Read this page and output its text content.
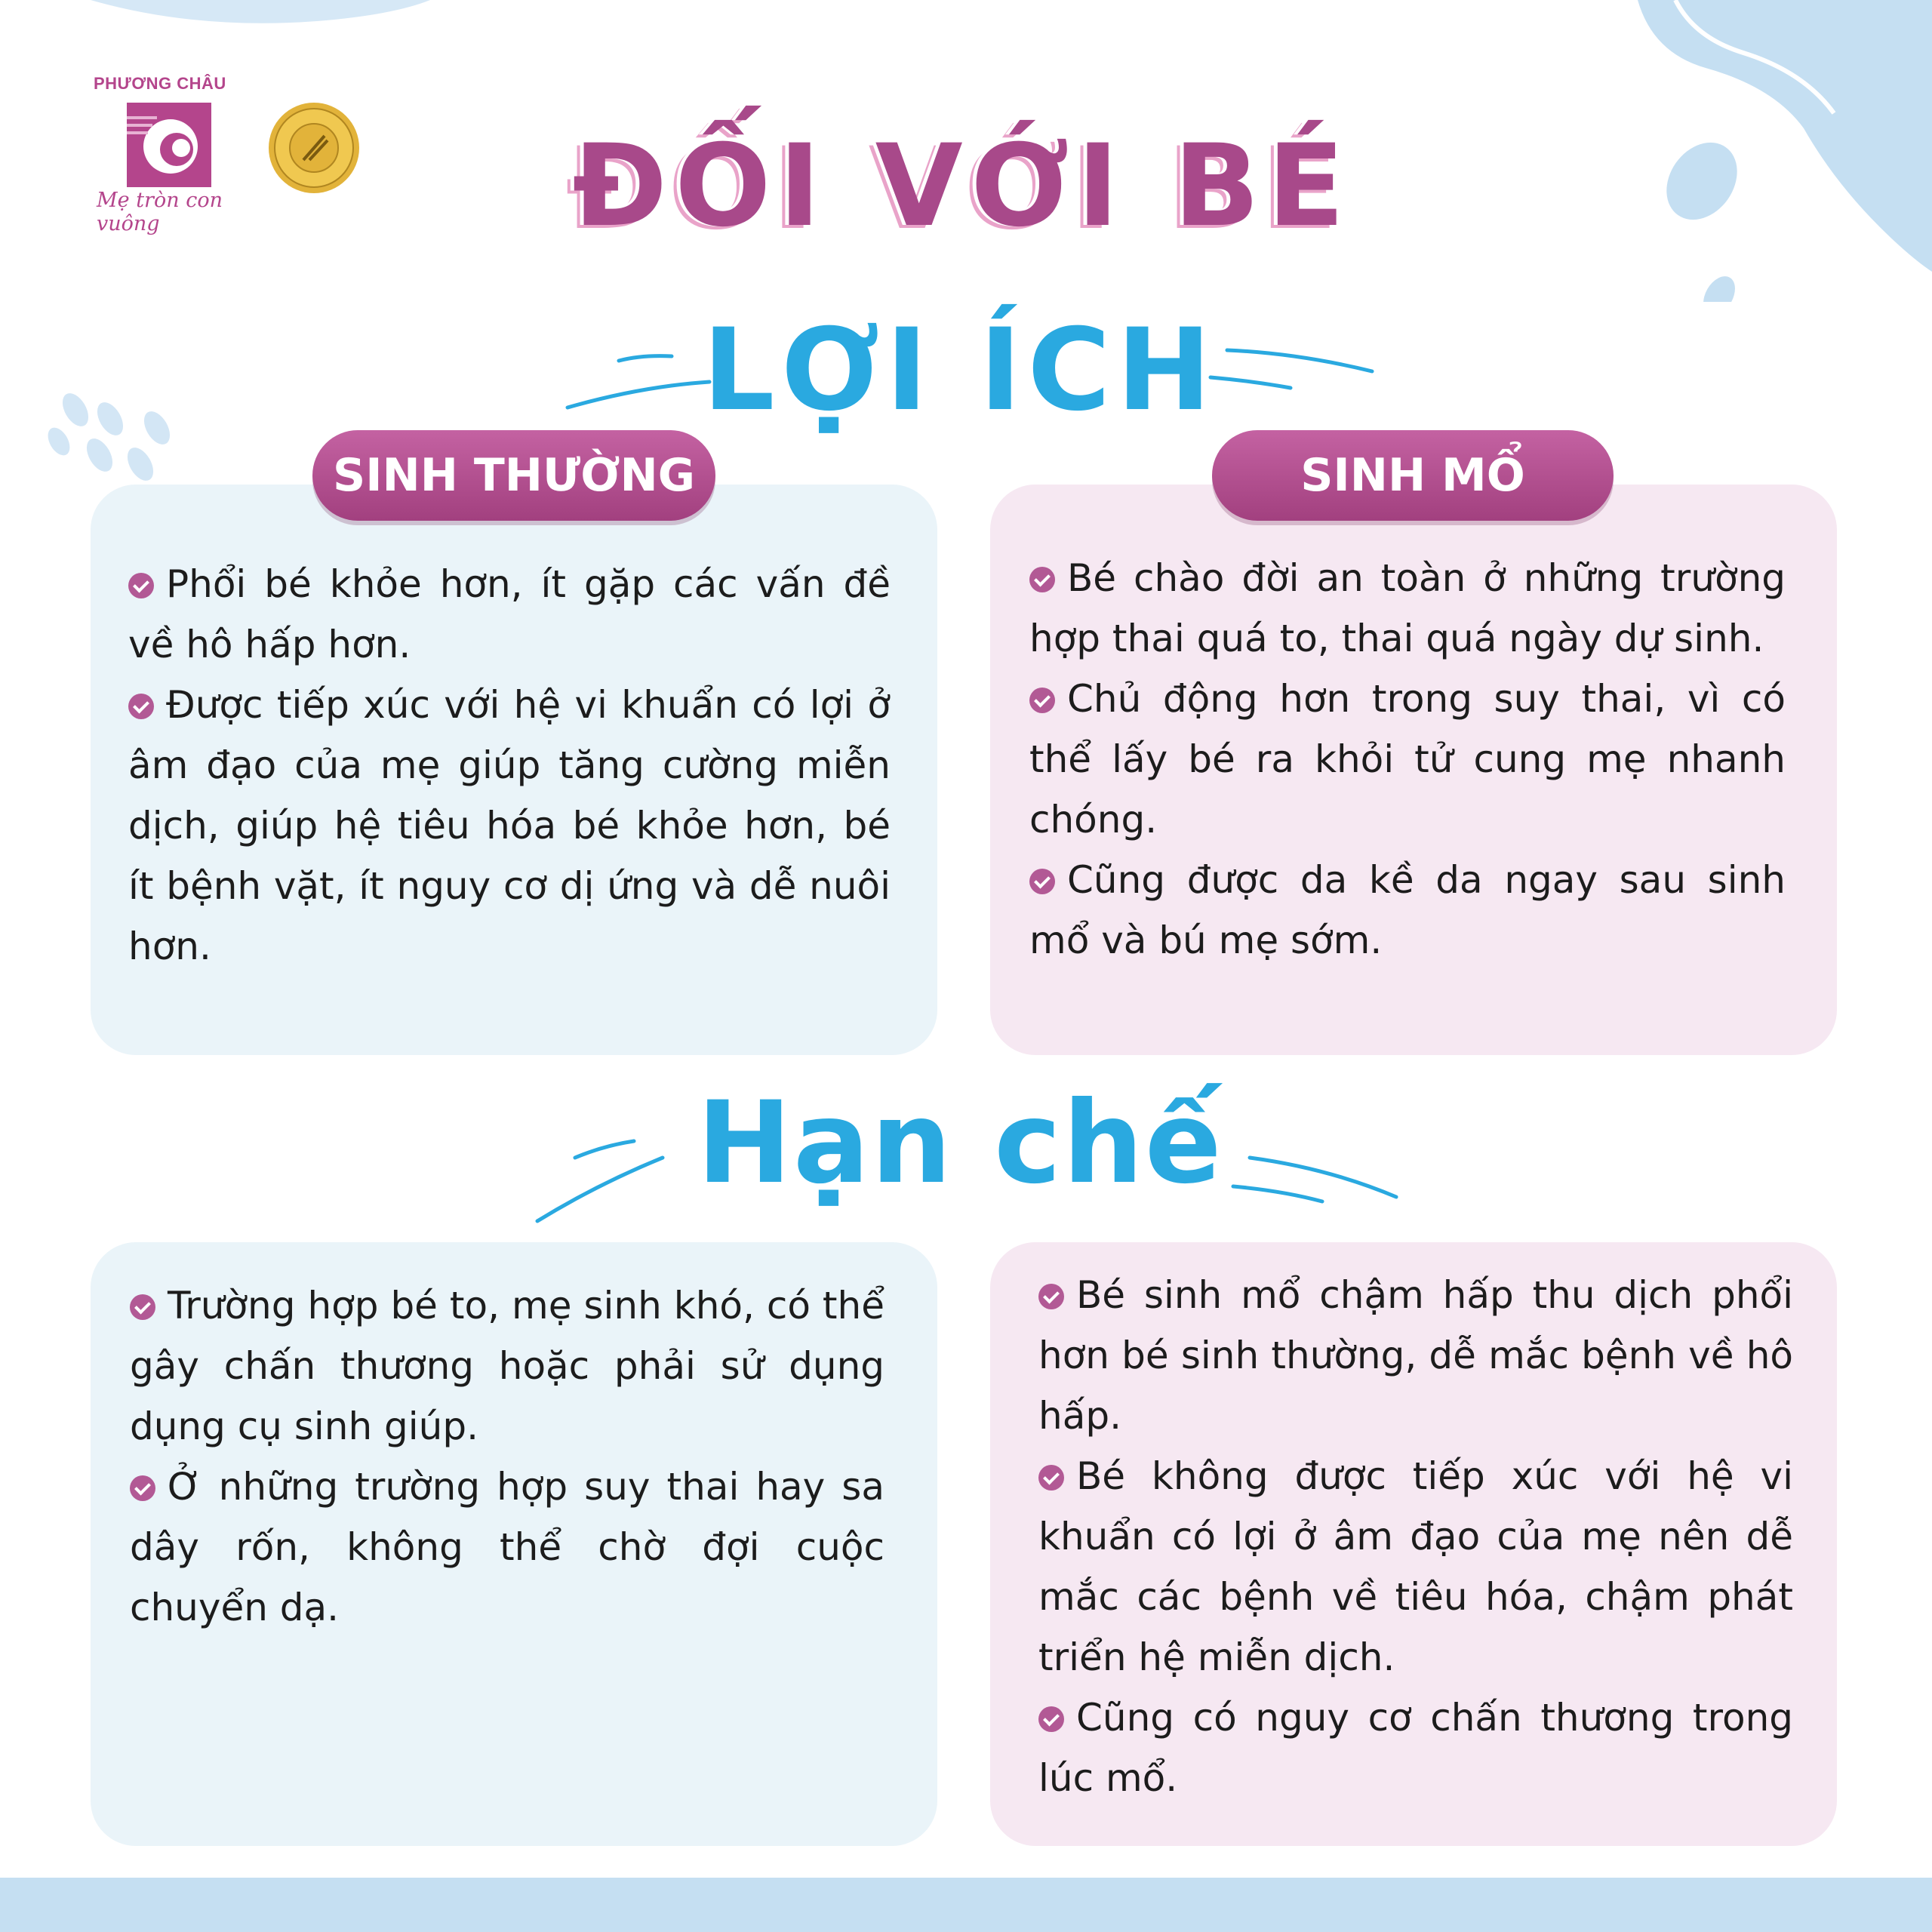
PHƯƠNG CHÂU
Mẹ tròn con vuông	ĐỐI VỚI BÉ
LỢI ÍCH
SINH THƯỜNG

Phổi bé khỏe hơn, ít gặp các vấn đề về hô hấp hơn.

Được tiếp xúc với hệ vi khuẩn có lợi ở âm đạo của mẹ giúp tăng cường miễn dịch, giúp hệ tiêu hóa bé khỏe hơn, bé ít bệnh vặt, ít nguy cơ dị ứng và dễ nuôi hơn.

SINH MỔ

Bé chào đời an toàn ở những trường hợp thai quá to, thai quá ngày dự sinh.

Chủ động hơn trong suy thai, vì có thể lấy bé ra khỏi tử cung mẹ nhanh chóng.

Cũng được da kề da ngay sau sinh mổ và bú mẹ sớm.

Hạn chế

Trường hợp bé to, mẹ sinh khó, có thể gây chấn thương hoặc phải sử dụng dụng cụ sinh giúp.

Ở những trường hợp suy thai hay sa dây rốn, không thể chờ đợi cuộc chuyển dạ.

Bé sinh mổ chậm hấp thu dịch phổi hơn bé sinh thường, dễ mắc bệnh về hô hấp.

Bé không được tiếp xúc với hệ vi khuẩn có lợi ở âm đạo của mẹ nên dễ mắc các bệnh về tiêu hóa, chậm phát triển hệ miễn dịch.

Cũng có nguy cơ chấn thương trong lúc mổ.
